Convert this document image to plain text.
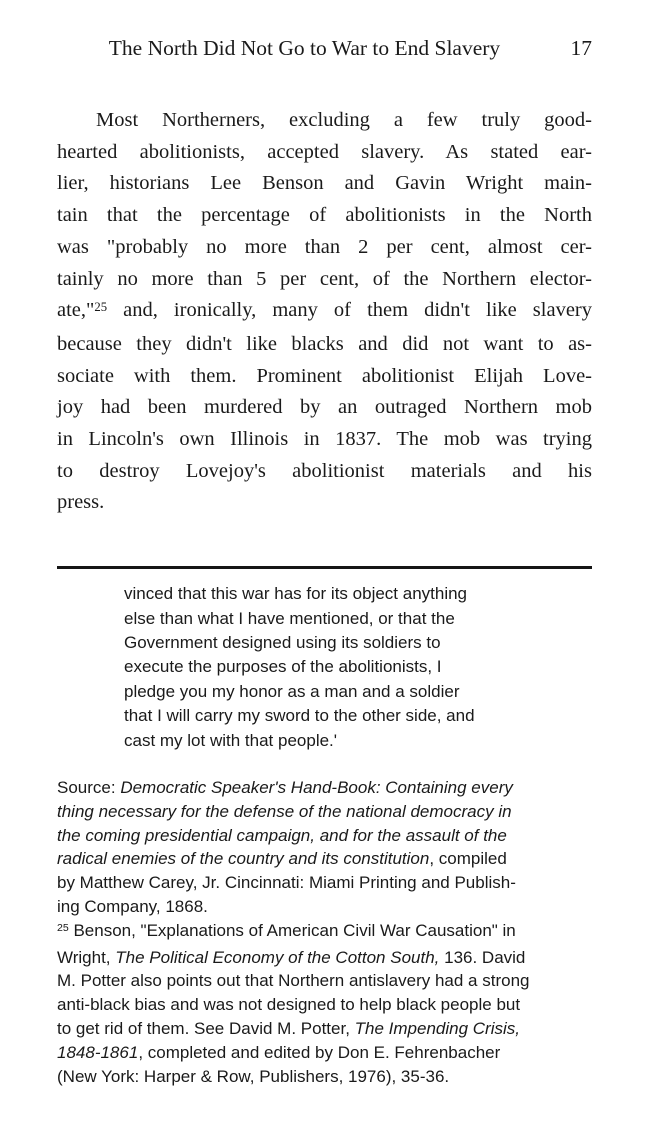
The North Did Not Go to War to End Slavery	17
Most Northerners, excluding a few truly good-
hearted abolitionists, accepted slavery. As stated ear-
lier, historians Lee Benson and Gavin Wright main-
tain that the percentage of abolitionists in the North
was "probably no more than 2 per cent, almost cer-
tainly no more than 5 per cent, of the Northern elector-
ate,"$^{25}$ and, ironically, many of them didn't like slavery
because they didn't like blacks and did not want to as-
sociate with them. Prominent abolitionist Elijah Love-
joy had been murdered by an outraged Northern mob
in Lincoln's own Illinois in 1837. The mob was trying
to destroy Lovejoy's abolitionist materials and his
press.
vinced that this war has for its object anything
else than what I have mentioned, or that the
Government designed using its soldiers to
execute the purposes of the abolitionists, I
pledge you my honor as a man and a soldier
that I will carry my sword to the other side, and
cast my lot with that people.'
Source: Democratic Speaker's Hand-Book: Containing every
thing necessary for the defense of the national democracy in
the coming presidential campaign, and for the assault of the
radical enemies of the country and its constitution, compiled
by Matthew Carey, Jr. Cincinnati: Miami Printing and Publish-
ing Company, 1868.
$^{25}$ Benson, "Explanations of American Civil War Causation" in
Wright, The Political Economy of the Cotton South, 136. David
M. Potter also points out that Northern antislavery had a strong
anti-black bias and was not designed to help black people but
to get rid of them. See David M. Potter, The Impending Crisis,
1848-1861, completed and edited by Don E. Fehrenbacher
(New York: Harper & Row, Publishers, 1976), 35-36.
